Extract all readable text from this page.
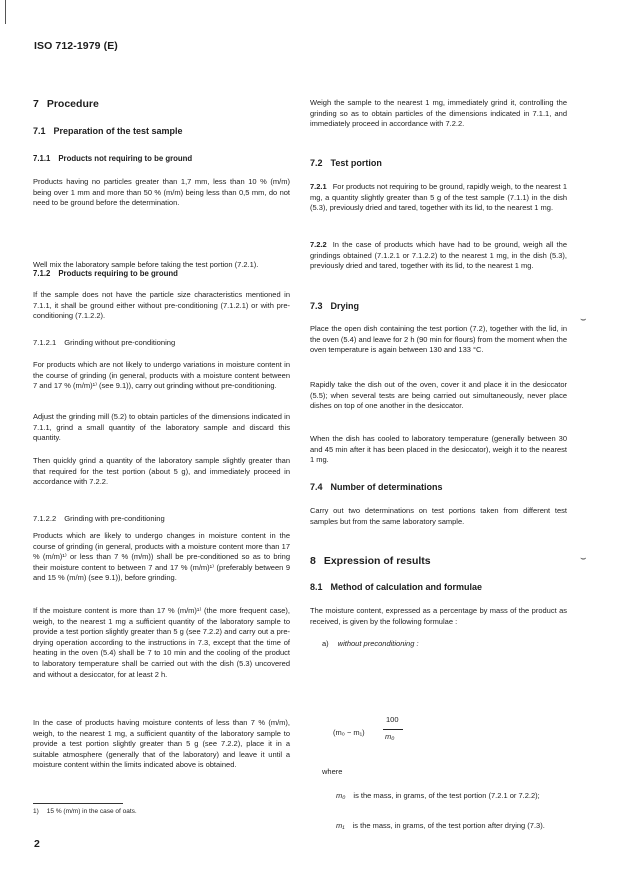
ISO 712-1979 (E)
7 Procedure
7.1 Preparation of the test sample
7.1.1 Products not requiring to be ground

Products having no particles greater than 1,7 mm, less than 10 % (m/m) being over 1 mm and more than 50 % (m/m) being less than 0,5 mm, do not need to be ground before the determination.

Well mix the laboratory sample before taking the test portion (7.2.1).

7.1.2 Products requiring to be ground

If the sample does not have the particle size characteristics mentioned in 7.1.1, it shall be ground either without pre-conditioning (7.1.2.1) or with pre-conditioning (7.1.2.2).

7.1.2.1 Grinding without pre-conditioning

For products which are not likely to undergo variations in moisture content in the course of grinding (in general, products with a moisture content between 7 and 17 % (m/m)¹⁾ (see 9.1)), carry out grinding without pre-conditioning.

Adjust the grinding mill (5.2) to obtain particles of the dimensions indicated in 7.1.1, grind a small quantity of the laboratory sample and discard this quantity.

Then quickly grind a quantity of the laboratory sample slightly greater than that required for the test portion (about 5 g), and immediately proceed in accordance with 7.2.2.

7.1.2.2 Grinding with pre-conditioning

Products which are likely to undergo changes in moisture content in the course of grinding (in general, products with a moisture content more than 17 % (m/m)¹⁾ or less than 7 % (m/m)) shall be pre-conditioned so as to bring their moisture content to between 7 and 17 % (m/m)¹⁾ (preferably between 9 and 15 % (m/m) (see 9.1)), before grinding.

If the moisture content is more than 17 % (m/m)¹⁾ (the more frequent case), weigh, to the nearest 1 mg a sufficient quantity of the laboratory sample to provide a test portion slightly greater than 5 g (see 7.2.2) and carry out a pre-drying operation according to the instructions in 7.3, except that the time of heating in the oven (5.4) shall be 7 to 10 min and the cooling of the product to laboratory temperature shall be carried out with the dish (5.3) uncovered and without a desiccator, for at least 2 h.

In the case of products having moisture contents of less than 7 % (m/m), weigh, to the nearest 1 mg, a sufficient quantity of the laboratory sample to provide a test portion slightly greater than 5 g (see 7.2.2), place it in a suitable atmosphere (generally that of the laboratory) and leave it until a moisture content within the limits indicated above is obtained.

Weigh the sample to the nearest 1 mg, immediately grind it, controlling the grinding so as to obtain particles of the dimensions indicated in 7.1.1, and immediately proceed in accordance with 7.2.2.

7.2 Test portion

7.2.1 For products not requiring to be ground, rapidly weigh, to the nearest 1 mg, a quantity slightly greater than 5 g of the test sample (7.1.1) in the dish (5.3), previously dried and tared, together with its lid, to the nearest 1 mg.

7.2.2 In the case of products which have had to be ground, weigh all the grindings obtained (7.1.2.1 or 7.1.2.2) to the nearest 1 mg, in the dish (5.3), previously dried and tared, together with its lid, to the nearest 1 mg.

7.3 Drying

Place the open dish containing the test portion (7.2), together with the lid, in the oven (5.4) and leave for 2 h (90 min for flours) from the moment when the oven temperature is again between 130 and 133 °C.

Rapidly take the dish out of the oven, cover it and place it in the desiccator (5.5); when several tests are being carried out simultaneously, never place dishes on top of one another in the desiccator.

When the dish has cooled to laboratory temperature (generally between 30 and 45 min after it has been placed in the desiccator), weigh it to the nearest 1 mg.

7.4 Number of determinations

Carry out two determinations on test portions taken from different test samples but from the same laboratory sample.

8 Expression of results
8.1 Method of calculation and formulae

The moisture content, expressed as a percentage by mass of the product as received, is given by the following formulae :

a) without preconditioning :
(m₀ − m₁)
100
m₀
where
m₀ is the mass, in grams, of the test portion (7.2.1 or 7.2.2);
m₁ is the mass, in grams, of the test portion after drying (7.3).
⌣
⌣
1) 15 % (m/m) in the case of oats.
2
